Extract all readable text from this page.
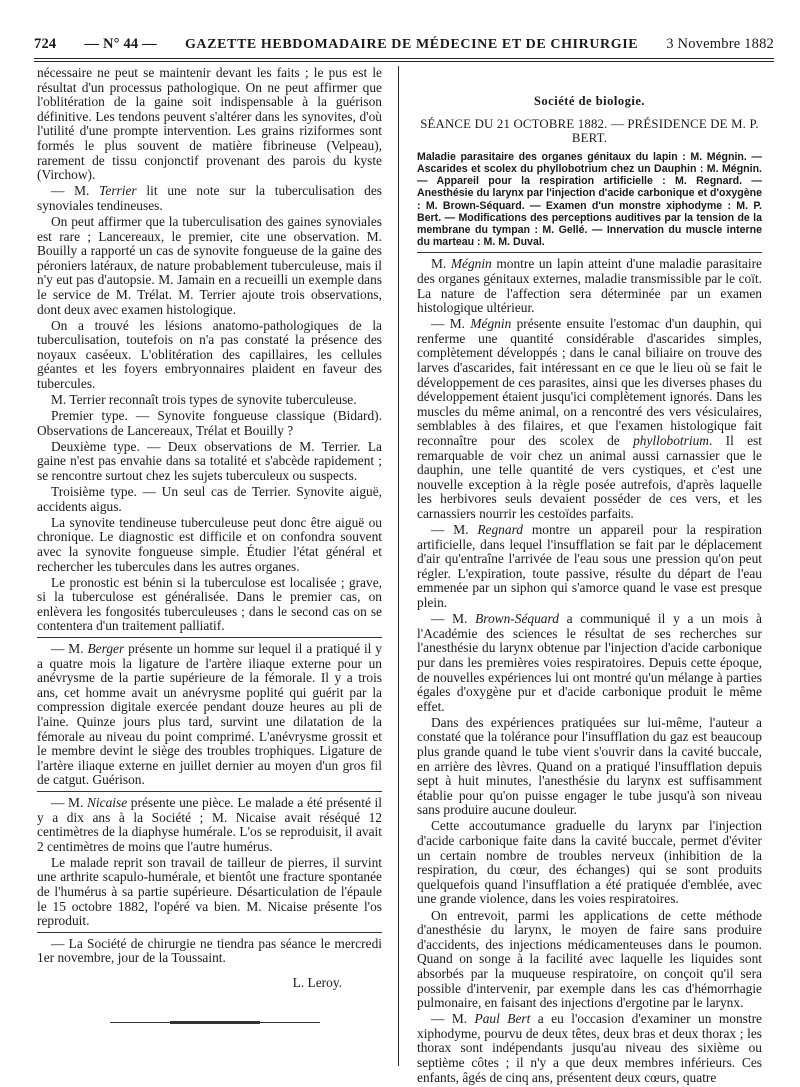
724 — N° 44 — GAZETTE HEBDOMADAIRE DE MÉDECINE ET DE CHIRURGIE 3 Novembre 1882

nécessaire ne peut se maintenir devant les faits ; le pus est le résultat d'un processus pathologique. On ne peut affirmer que l'oblitération de la gaine soit indispensable à la guérison définitive. Les tendons peuvent s'altérer dans les synovites, d'où l'utilité d'une prompte intervention. Les grains riziformes sont formés le plus souvent de matière fibrineuse (Velpeau), rarement de tissu conjonctif provenant des parois du kyste (Virchow).

— M. Terrier lit une note sur la tuberculisation des synoviales tendineuses.

On peut affirmer que la tuberculisation des gaines synoviales est rare ; Lancereaux, le premier, cite une observation. M. Bouilly a rapporté un cas de synovite fongueuse de la gaine des péroniers latéraux, de nature probablement tuberculeuse, mais il n'y eut pas d'autopsie. M. Jamain en a recueilli un exemple dans le service de M. Trélat. M. Terrier ajoute trois observations, dont deux avec examen histologique.

On a trouvé les lésions anatomo-pathologiques de la tuberculisation, toutefois on n'a pas constaté la présence des noyaux caséeux. L'oblitération des capillaires, les cellules géantes et les foyers embryonnaires plaident en faveur des tubercules.

M. Terrier reconnaît trois types de synovite tuberculeuse.

Premier type. — Synovite fongueuse classique (Bidard). Observations de Lancereaux, Trélat et Bouilly ?

Deuxième type. — Deux observations de M. Terrier. La gaine n'est pas envahie dans sa totalité et s'abcède rapidement ; se rencontre surtout chez les sujets tuberculeux ou suspects.

Troisième type. — Un seul cas de Terrier. Synovite aiguë, accidents aigus.

La synovite tendineuse tuberculeuse peut donc être aiguë ou chronique. Le diagnostic est difficile et on confondra souvent avec la synovite fongueuse simple. Étudier l'état général et rechercher les tubercules dans les autres organes.

Le pronostic est bénin si la tuberculose est localisée ; grave, si la tuberculose est généralisée. Dans le premier cas, on enlèvera les fongosités tuberculeuses ; dans le second cas on se contentera d'un traitement palliatif.

— M. Berger présente un homme sur lequel il a pratiqué il y a quatre mois la ligature de l'artère iliaque externe pour un anévrysme de la partie supérieure de la fémorale. Il y a trois ans, cet homme avait un anévrysme poplité qui guérit par la compression digitale exercée pendant douze heures au pli de l'aine. Quinze jours plus tard, survint une dilatation de la fémorale au niveau du point comprimé. L'anévrysme grossit et le membre devint le siège des troubles trophiques. Ligature de l'artère iliaque externe en juillet dernier au moyen d'un gros fil de catgut. Guérison.

— M. Nicaise présente une pièce. Le malade a été présenté il y a dix ans à la Société ; M. Nicaise avait réséqué 12 centimètres de la diaphyse humérale. L'os se reproduisit, il avait 2 centimètres de moins que l'autre humérus.

Le malade reprit son travail de tailleur de pierres, il survint une arthrite scapulo-humérale, et bientôt une fracture spontanée de l'humérus à sa partie supérieure. Désarticulation de l'épaule le 15 octobre 1882, l'opéré va bien. M. Nicaise présente l'os reproduit.

— La Société de chirurgie ne tiendra pas séance le mercredi 1er novembre, jour de la Toussaint.

L. Leroy.
Société de biologie.
SÉANCE DU 21 OCTOBRE 1882. — PRÉSIDENCE DE M. P. BERT.
Maladie parasitaire des organes génitaux du lapin : M. Mégnin. — Ascarides et scolex du phyllobotrium chez un Dauphin : M. Mégnin. — Appareil pour la respiration artificielle : M. Regnard. — Anesthésie du larynx par l'injection d'acide carbonique et d'oxygène : M. Brown-Séquard. — Examen d'un monstre xiphodyme : M. P. Bert. — Modifications des perceptions auditives par la tension de la membrane du tympan : M. Gellé. — Innervation du muscle interne du marteau : M. M. Duval.

M. Mégnin montre un lapin atteint d'une maladie parasitaire des organes génitaux externes, maladie transmissible par le coït. La nature de l'affection sera déterminée par un examen histologique ultérieur.

— M. Mégnin présente ensuite l'estomac d'un dauphin, qui renferme une quantité considérable d'ascarides simples, complètement développés ; dans le canal biliaire on trouve des larves d'ascarides, fait intéressant en ce que le lieu où se fait le développement de ces parasites, ainsi que les diverses phases du développement étaient jusqu'ici complètement ignorés. Dans les muscles du même animal, on a rencontré des vers vésiculaires, semblables à des filaires, et que l'examen histologique fait reconnaître pour des scolex de phyllobotrium. Il est remarquable de voir chez un animal aussi carnassier que le dauphin, une telle quantité de vers cystiques, et c'est une nouvelle exception à la règle posée autrefois, d'après laquelle les herbivores seuls devaient posséder de ces vers, et les carnassiers nourrir les cestoïdes parfaits.

— M. Regnard montre un appareil pour la respiration artificielle, dans lequel l'insufflation se fait par le déplacement d'air qu'entraîne l'arrivée de l'eau sous une pression qu'on peut régler. L'expiration, toute passive, résulte du départ de l'eau emmenée par un siphon qui s'amorce quand le vase est presque plein.

— M. Brown-Séquard a communiqué il y a un mois à l'Académie des sciences le résultat de ses recherches sur l'anesthésie du larynx obtenue par l'injection d'acide carbonique pur dans les premières voies respiratoires. Depuis cette époque, de nouvelles expériences lui ont montré qu'un mélange à parties égales d'oxygène pur et d'acide carbonique produit le même effet.

Dans des expériences pratiquées sur lui-même, l'auteur a constaté que la tolérance pour l'insufflation du gaz est beaucoup plus grande quand le tube vient s'ouvrir dans la cavité buccale, en arrière des lèvres. Quand on a pratiqué l'insufflation depuis sept à huit minutes, l'anesthésie du larynx est suffisamment établie pour qu'on puisse engager le tube jusqu'à son niveau sans produire aucune douleur.

Cette accoutumance graduelle du larynx par l'injection d'acide carbonique faite dans la cavité buccale, permet d'éviter un certain nombre de troubles nerveux (inhibition de la respiration, du cœur, des échanges) qui se sont produits quelquefois quand l'insufflation a été pratiquée d'emblée, avec une grande violence, dans les voies respiratoires.

On entrevoit, parmi les applications de cette méthode d'anesthésie du larynx, le moyen de faire sans produire d'accidents, des injections médicamenteuses dans le poumon. Quand on songe à la facilité avec laquelle les liquides sont absorbés par la muqueuse respiratoire, on conçoit qu'il sera possible d'intervenir, par exemple dans les cas d'hémorrhagie pulmonaire, en faisant des injections d'ergotine par le larynx.

— M. Paul Bert a eu l'occasion d'examiner un monstre xiphodyme, pourvu de deux têtes, deux bras et deux thorax ; les thorax sont indépendants jusqu'au niveau des sixième ou septième côtes ; il n'y a que deux membres inférieurs. Ces enfants, âgés de cinq ans, présentent deux cœurs, quatre
